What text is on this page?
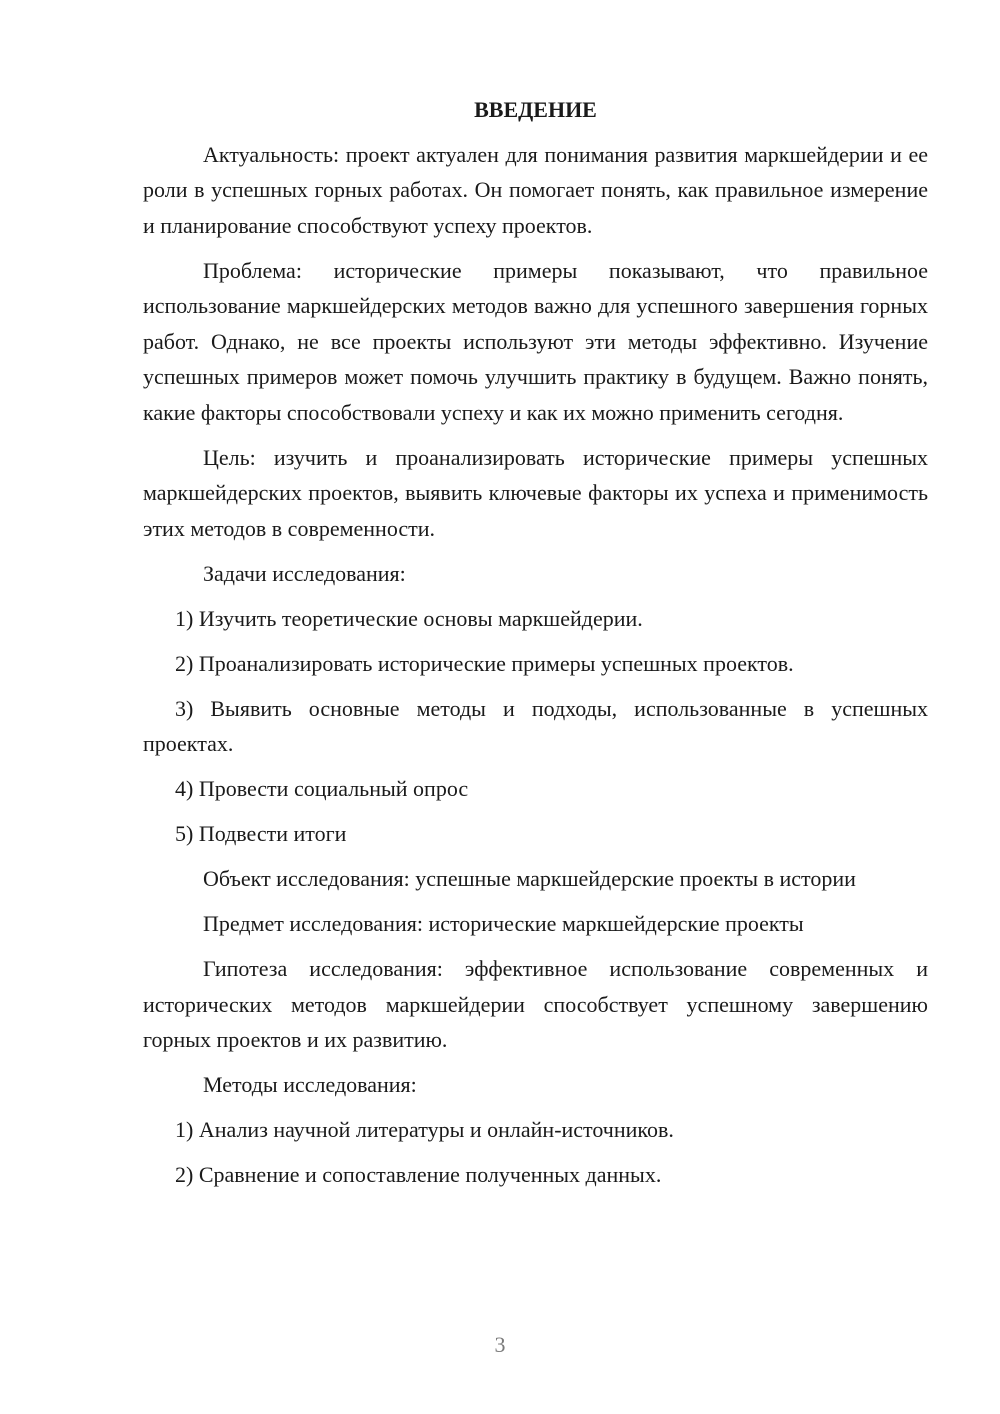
ВВЕДЕНИЕ
Актуальность: проект актуален для понимания развития маркшейдерии и ее роли в успешных горных работах. Он помогает понять, как правильное измерение и планирование способствуют успеху проектов.
Проблема: исторические примеры показывают, что правильное использование маркшейдерских методов важно для успешного завершения горных работ. Однако, не все проекты используют эти методы эффективно. Изучение успешных примеров может помочь улучшить практику в будущем. Важно понять, какие факторы способствовали успеху и как их можно применить сегодня.
Цель: изучить и проанализировать исторические примеры успешных маркшейдерских проектов, выявить ключевые факторы их успеха и применимость этих методов в современности.
Задачи исследования:
1) Изучить теоретические основы маркшейдерии.
2) Проанализировать исторические примеры успешных проектов.
3) Выявить основные методы и подходы, использованные в успешных проектах.
4) Провести социальный опрос
5) Подвести итоги
Объект исследования: успешные маркшейдерские проекты в истории
Предмет исследования: исторические маркшейдерские проекты
Гипотеза исследования: эффективное использование современных и исторических методов маркшейдерии способствует успешному завершению горных проектов и их развитию.
Методы исследования:
1) Анализ научной литературы и онлайн-источников.
2) Сравнение и сопоставление полученных данных.
3
